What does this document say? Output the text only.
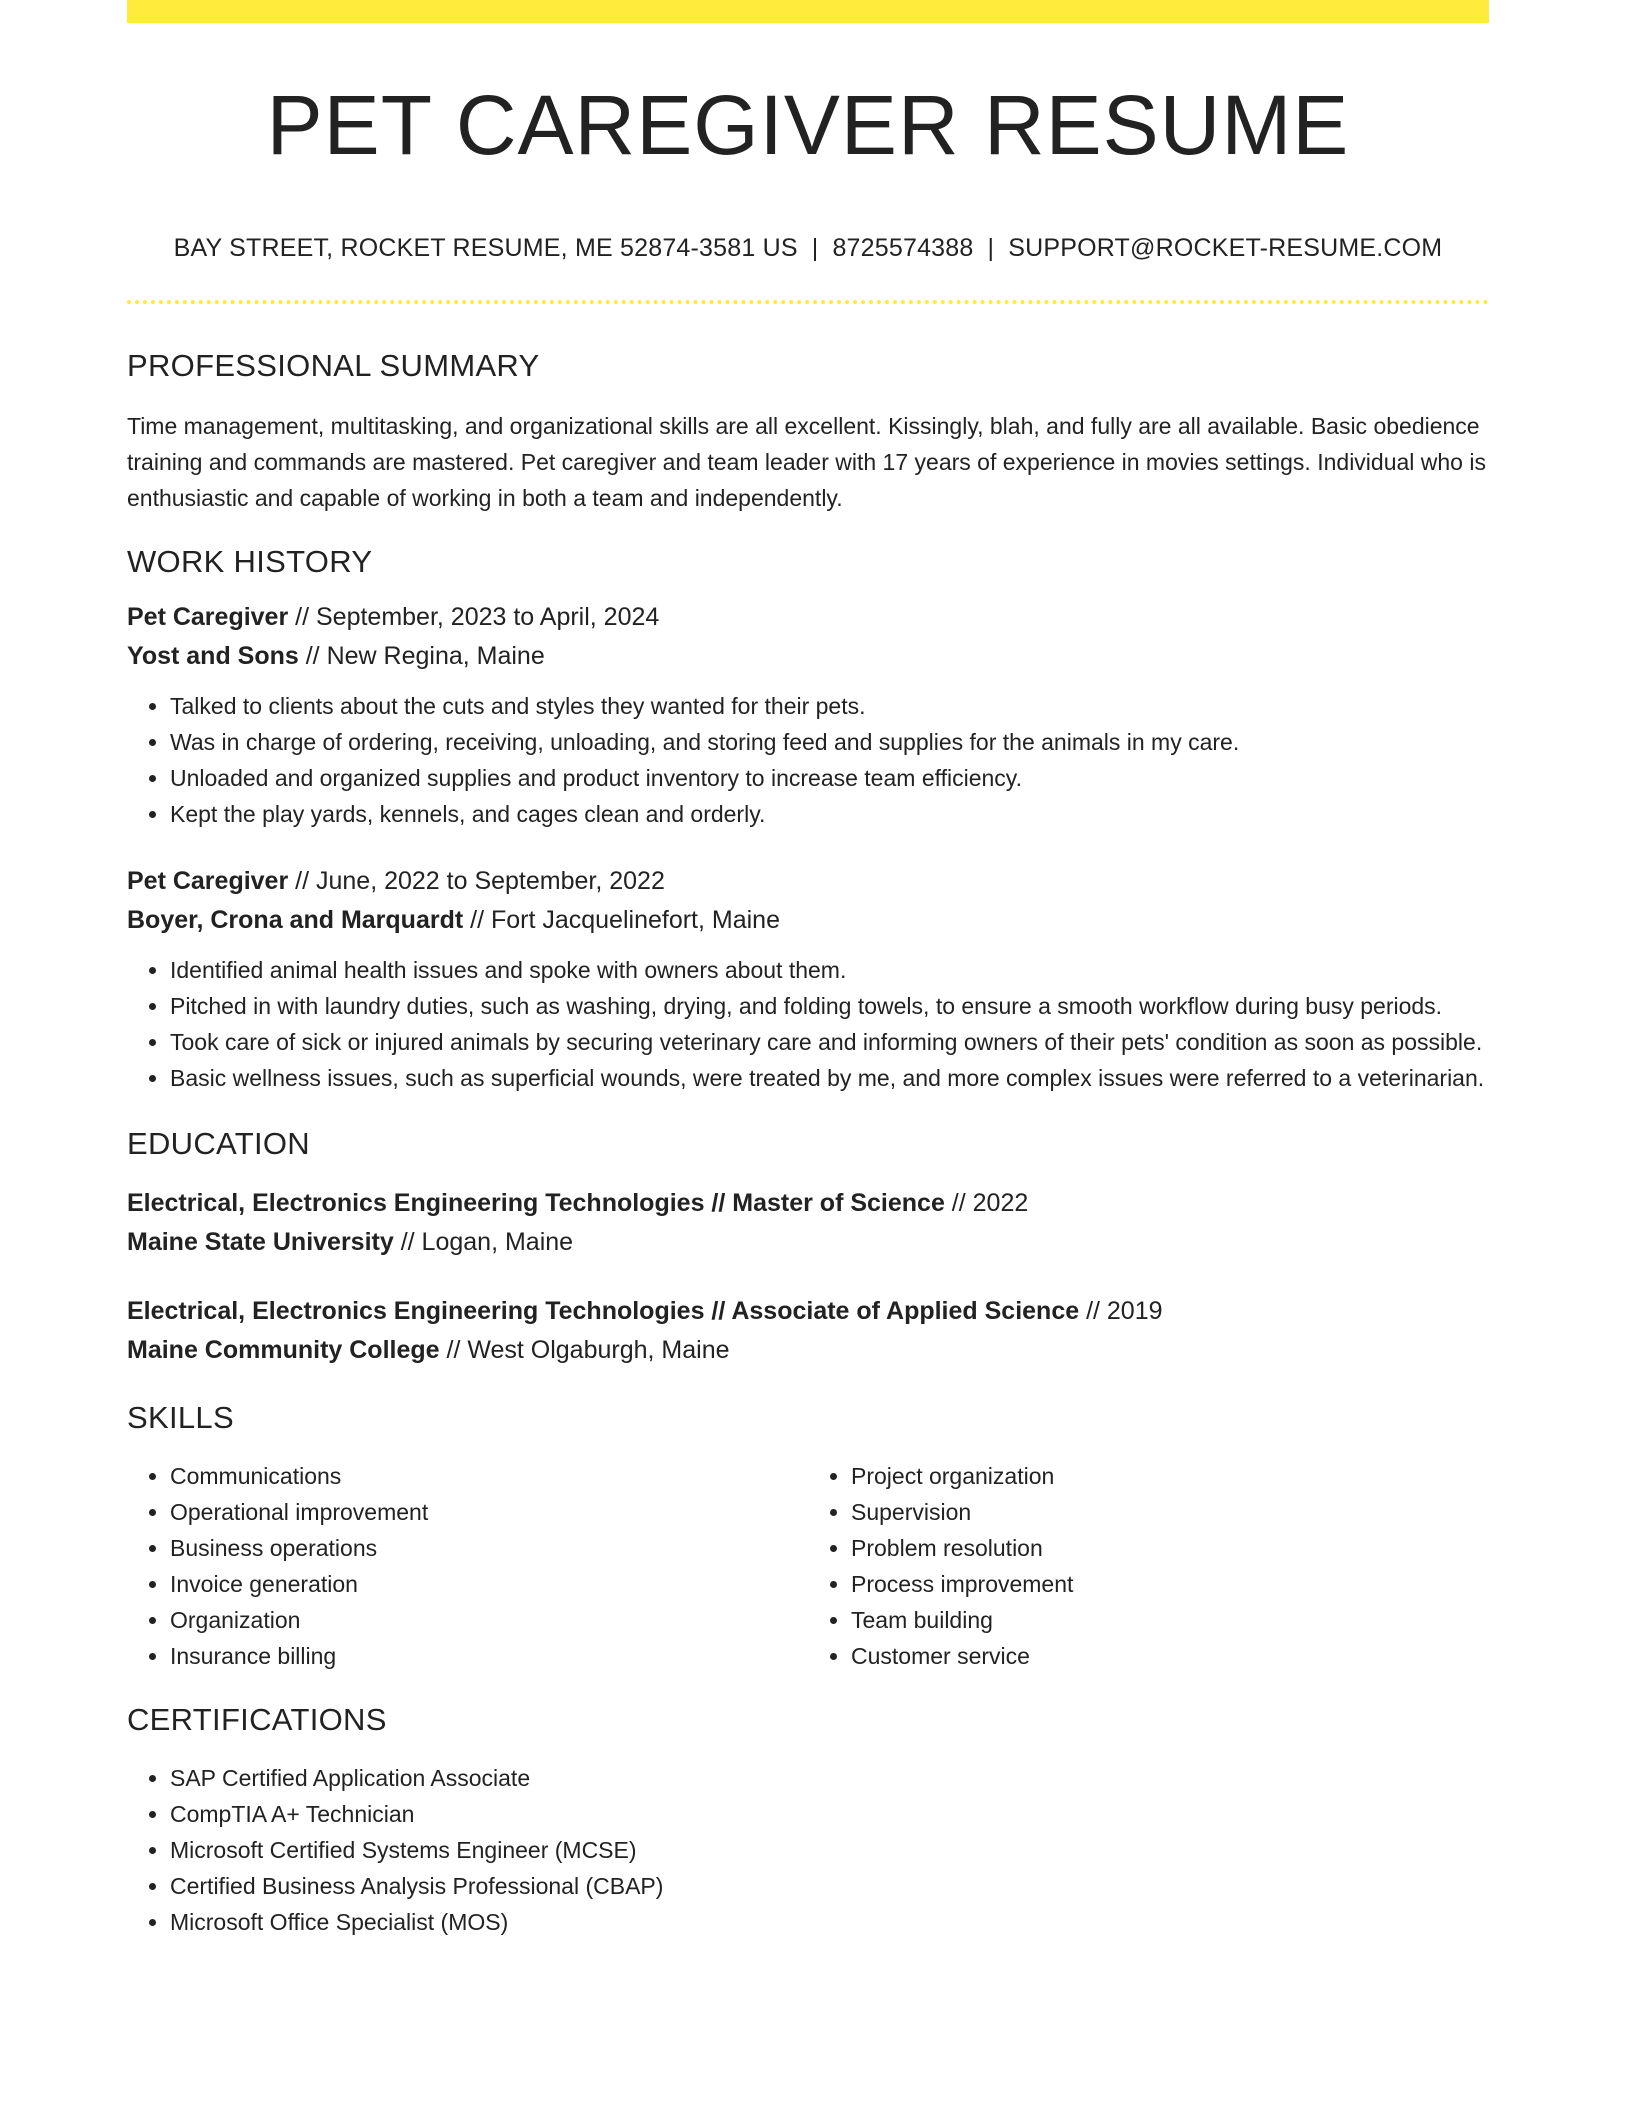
PET CAREGIVER RESUME
BAY STREET, ROCKET RESUME, ME 52874-3581 US | 8725574388 | SUPPORT@ROCKET-RESUME.COM
PROFESSIONAL SUMMARY
Time management, multitasking, and organizational skills are all excellent. Kissingly, blah, and fully are all available. Basic obedience training and commands are mastered. Pet caregiver and team leader with 17 years of experience in movies settings. Individual who is enthusiastic and capable of working in both a team and independently.
WORK HISTORY
Pet Caregiver // September, 2023 to April, 2024
Yost and Sons // New Regina, Maine
• Talked to clients about the cuts and styles they wanted for their pets.
• Was in charge of ordering, receiving, unloading, and storing feed and supplies for the animals in my care.
• Unloaded and organized supplies and product inventory to increase team efficiency.
• Kept the play yards, kennels, and cages clean and orderly.
Pet Caregiver // June, 2022 to September, 2022
Boyer, Crona and Marquardt // Fort Jacquelinefort, Maine
• Identified animal health issues and spoke with owners about them.
• Pitched in with laundry duties, such as washing, drying, and folding towels, to ensure a smooth workflow during busy periods.
• Took care of sick or injured animals by securing veterinary care and informing owners of their pets' condition as soon as possible.
• Basic wellness issues, such as superficial wounds, were treated by me, and more complex issues were referred to a veterinarian.
EDUCATION
Electrical, Electronics Engineering Technologies // Master of Science // 2022
Maine State University // Logan, Maine
Electrical, Electronics Engineering Technologies // Associate of Applied Science // 2019
Maine Community College // West Olgaburgh, Maine
SKILLS
• Communications
• Operational improvement
• Business operations
• Invoice generation
• Organization
• Insurance billing
• Project organization
• Supervision
• Problem resolution
• Process improvement
• Team building
• Customer service
CERTIFICATIONS
• SAP Certified Application Associate
• CompTIA A+ Technician
• Microsoft Certified Systems Engineer (MCSE)
• Certified Business Analysis Professional (CBAP)
• Microsoft Office Specialist (MOS)
